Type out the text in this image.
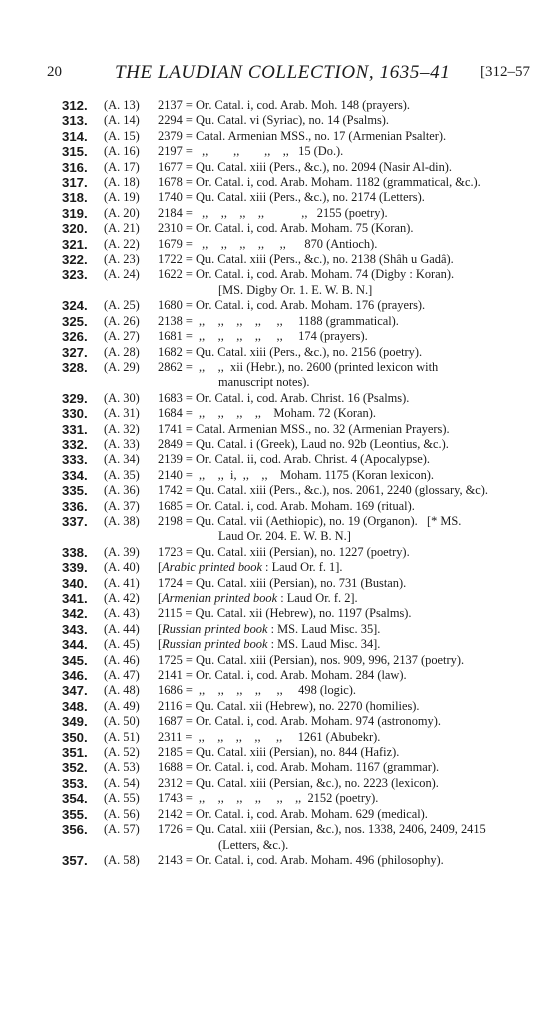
20	THE LAUDIAN COLLECTION, 1635–41 [312–57
312. (A. 13) 2137 = Or. Catal. i, cod. Arab. Moh. 148 (prayers).
313. (A. 14) 2294 = Qu. Catal. vi (Syriac), no. 14 (Psalms).
314. (A. 15) 2379 = Catal. Armenian MSS., no. 17 (Armenian Psalter).
315. (A. 16) 2197 =   ,,        ,,        ,,    ,,   15 (Do.).
316. (A. 17) 1677 = Qu. Catal. xiii (Pers., &c.), no. 2094 (Nasir Al-din).
317. (A. 18) 1678 = Or. Catal. i, cod. Arab. Moham. 1182 (grammatical, &c.).
318. (A. 19) 1740 = Qu. Catal. xiii (Pers., &c.), no. 2174 (Letters).
319. (A. 20) 2184 =   ,,    ,,    ,,    ,,            ,,   2155 (poetry).
320. (A. 21) 2310 = Or. Catal. i, cod. Arab. Moham. 75 (Koran).
321. (A. 22) 1679 =   ,,    ,,    ,,    ,,     ,,      870 (Antioch).
322. (A. 23) 1722 = Qu. Catal. xiii (Pers., &c.), no. 2138 (Shâh u Gadâ).
323. (A. 24) 1622 = Or. Catal. i, cod. Arab. Moham. 74 (Digby : Koran).
[MS. Digby Or. 1. E. W. B. N.]
324. (A. 25) 1680 = Or. Catal. i, cod. Arab. Moham. 176 (prayers).
325. (A. 26) 2138 =  ,,    ,,    ,,    ,,     ,,     1188 (grammatical).
326. (A. 27) 1681 =  ,,    ,,    ,,    ,,     ,,     174 (prayers).
327. (A. 28) 1682 = Qu. Catal. xiii (Pers., &c.), no. 2156 (poetry).
328. (A. 29) 2862 =  ,,    ,,  xii (Hebr.), no. 2600 (printed lexicon with
manuscript notes).
329. (A. 30) 1683 = Or. Catal. i, cod. Arab. Christ. 16 (Psalms).
330. (A. 31) 1684 =  ,,    ,,    ,,    ,,    Moham. 72 (Koran).
331. (A. 32) 1741 = Catal. Armenian MSS., no. 32 (Armenian Prayers).
332. (A. 33) 2849 = Qu. Catal. i (Greek), Laud no. 92b (Leontius, &c.).
333. (A. 34) 2139 = Or. Catal. ii, cod. Arab. Christ. 4 (Apocalypse).
334. (A. 35) 2140 =  ,,    ,,  i,  ,,    ,,    Moham. 1175 (Koran lexicon).
335. (A. 36) 1742 = Qu. Catal. xiii (Pers., &c.), nos. 2061, 2240 (glossary, &c).
336. (A. 37) 1685 = Or. Catal. i, cod. Arab. Moham. 169 (ritual).
337. (A. 38) 2198 = Qu. Catal. vii (Aethiopic), no. 19 (Organon).   [* MS.
Laud Or. 204. E. W. B. N.]
338. (A. 39) 1723 = Qu. Catal. xiii (Persian), no. 1227 (poetry).
339. (A. 40) [Arabic printed book : Laud Or. f. 1].
340. (A. 41) 1724 = Qu. Catal. xiii (Persian), no. 731 (Bustan).
341. (A. 42) [Armenian printed book : Laud Or. f. 2].
342. (A. 43) 2115 = Qu. Catal. xii (Hebrew), no. 1197 (Psalms).
343. (A. 44) [Russian printed book : MS. Laud Misc. 35].
344. (A. 45) [Russian printed book : MS. Laud Misc. 34].
345. (A. 46) 1725 = Qu. Catal. xiii (Persian), nos. 909, 996, 2137 (poetry).
346. (A. 47) 2141 = Or. Catal. i, cod. Arab. Moham. 284 (law).
347. (A. 48) 1686 =  ,,    ,,    ,,    ,,     ,,     498 (logic).
348. (A. 49) 2116 = Qu. Catal. xii (Hebrew), no. 2270 (homilies).
349. (A. 50) 1687 = Or. Catal. i, cod. Arab. Moham. 974 (astronomy).
350. (A. 51) 2311 =  ,,    ,,    ,,    ,,     ,,     1261 (Abubekr).
351. (A. 52) 2185 = Qu. Catal. xiii (Persian), no. 844 (Hafiz).
352. (A. 53) 1688 = Or. Catal. i, cod. Arab. Moham. 1167 (grammar).
353. (A. 54) 2312 = Qu. Catal. xiii (Persian, &c.), no. 2223 (lexicon).
354. (A. 55) 1743 =  ,,    ,,    ,,    ,,     ,,    ,,  2152 (poetry).
355. (A. 56) 2142 = Or. Catal. i, cod. Arab. Moham. 629 (medical).
356. (A. 57) 1726 = Qu. Catal. xiii (Persian, &c.), nos. 1338, 2406, 2409, 2415
(Letters, &c.).
357. (A. 58) 2143 = Or. Catal. i, cod. Arab. Moham. 496 (philosophy).
